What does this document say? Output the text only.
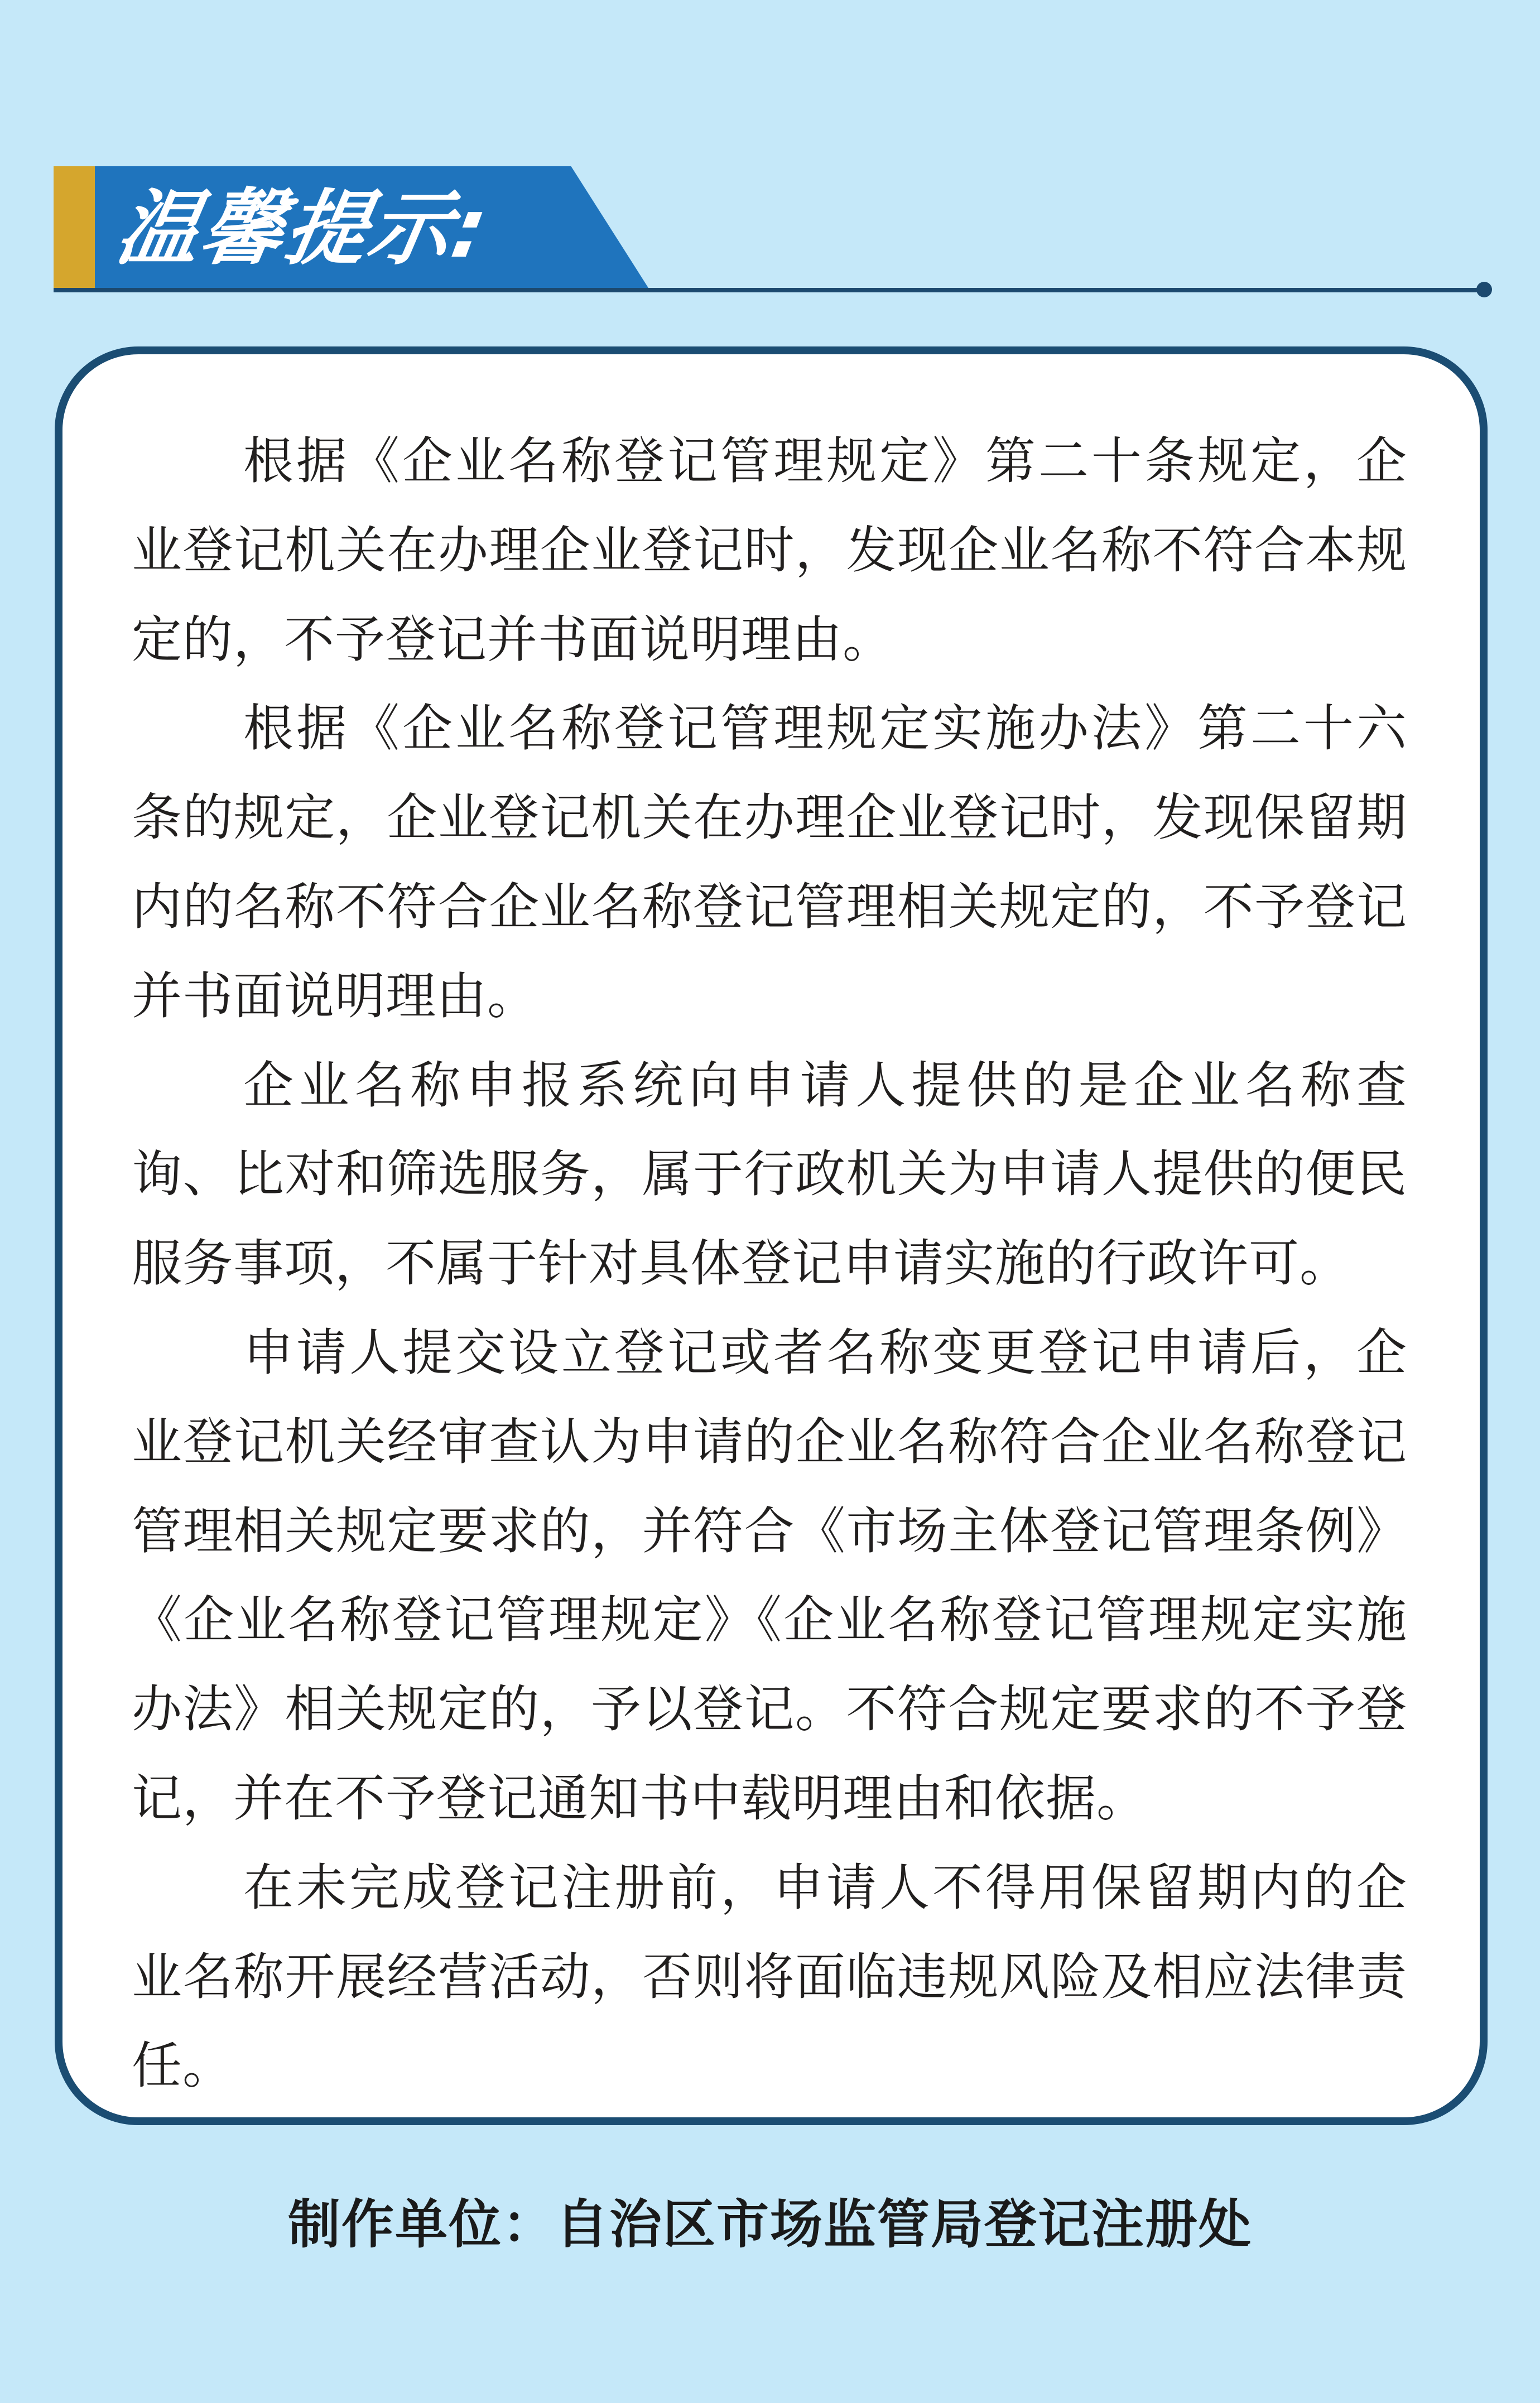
温馨提示:

根据《企业名称登记管理规定》第二十条规定，企业登记机关在办理企业登记时，发现企业名称不符合本规定的，不予登记并书面说明理由。

根据《企业名称登记管理规定实施办法》第二十六条的规定，企业登记机关在办理企业登记时，发现保留期内的名称不符合企业名称登记管理相关规定的，不予登记并书面说明理由。

企业名称申报系统向申请人提供的是企业名称查询、比对和筛选服务，属于行政机关为申请人提供的便民服务事项，不属于针对具体登记申请实施的行政许可。

申请人提交设立登记或者名称变更登记申请后，企业登记机关经审查认为申请的企业名称符合企业名称登记管理相关规定要求的，并符合《市场主体登记管理条例》《企业名称登记管理规定》《企业名称登记管理规定实施办法》相关规定的，予以登记。不符合规定要求的不予登记，并在不予登记通知书中载明理由和依据。

在未完成登记注册前，申请人不得用保留期内的企业名称开展经营活动，否则将面临违规风险及相应法律责任。

制作单位：自治区市场监管局登记注册处
